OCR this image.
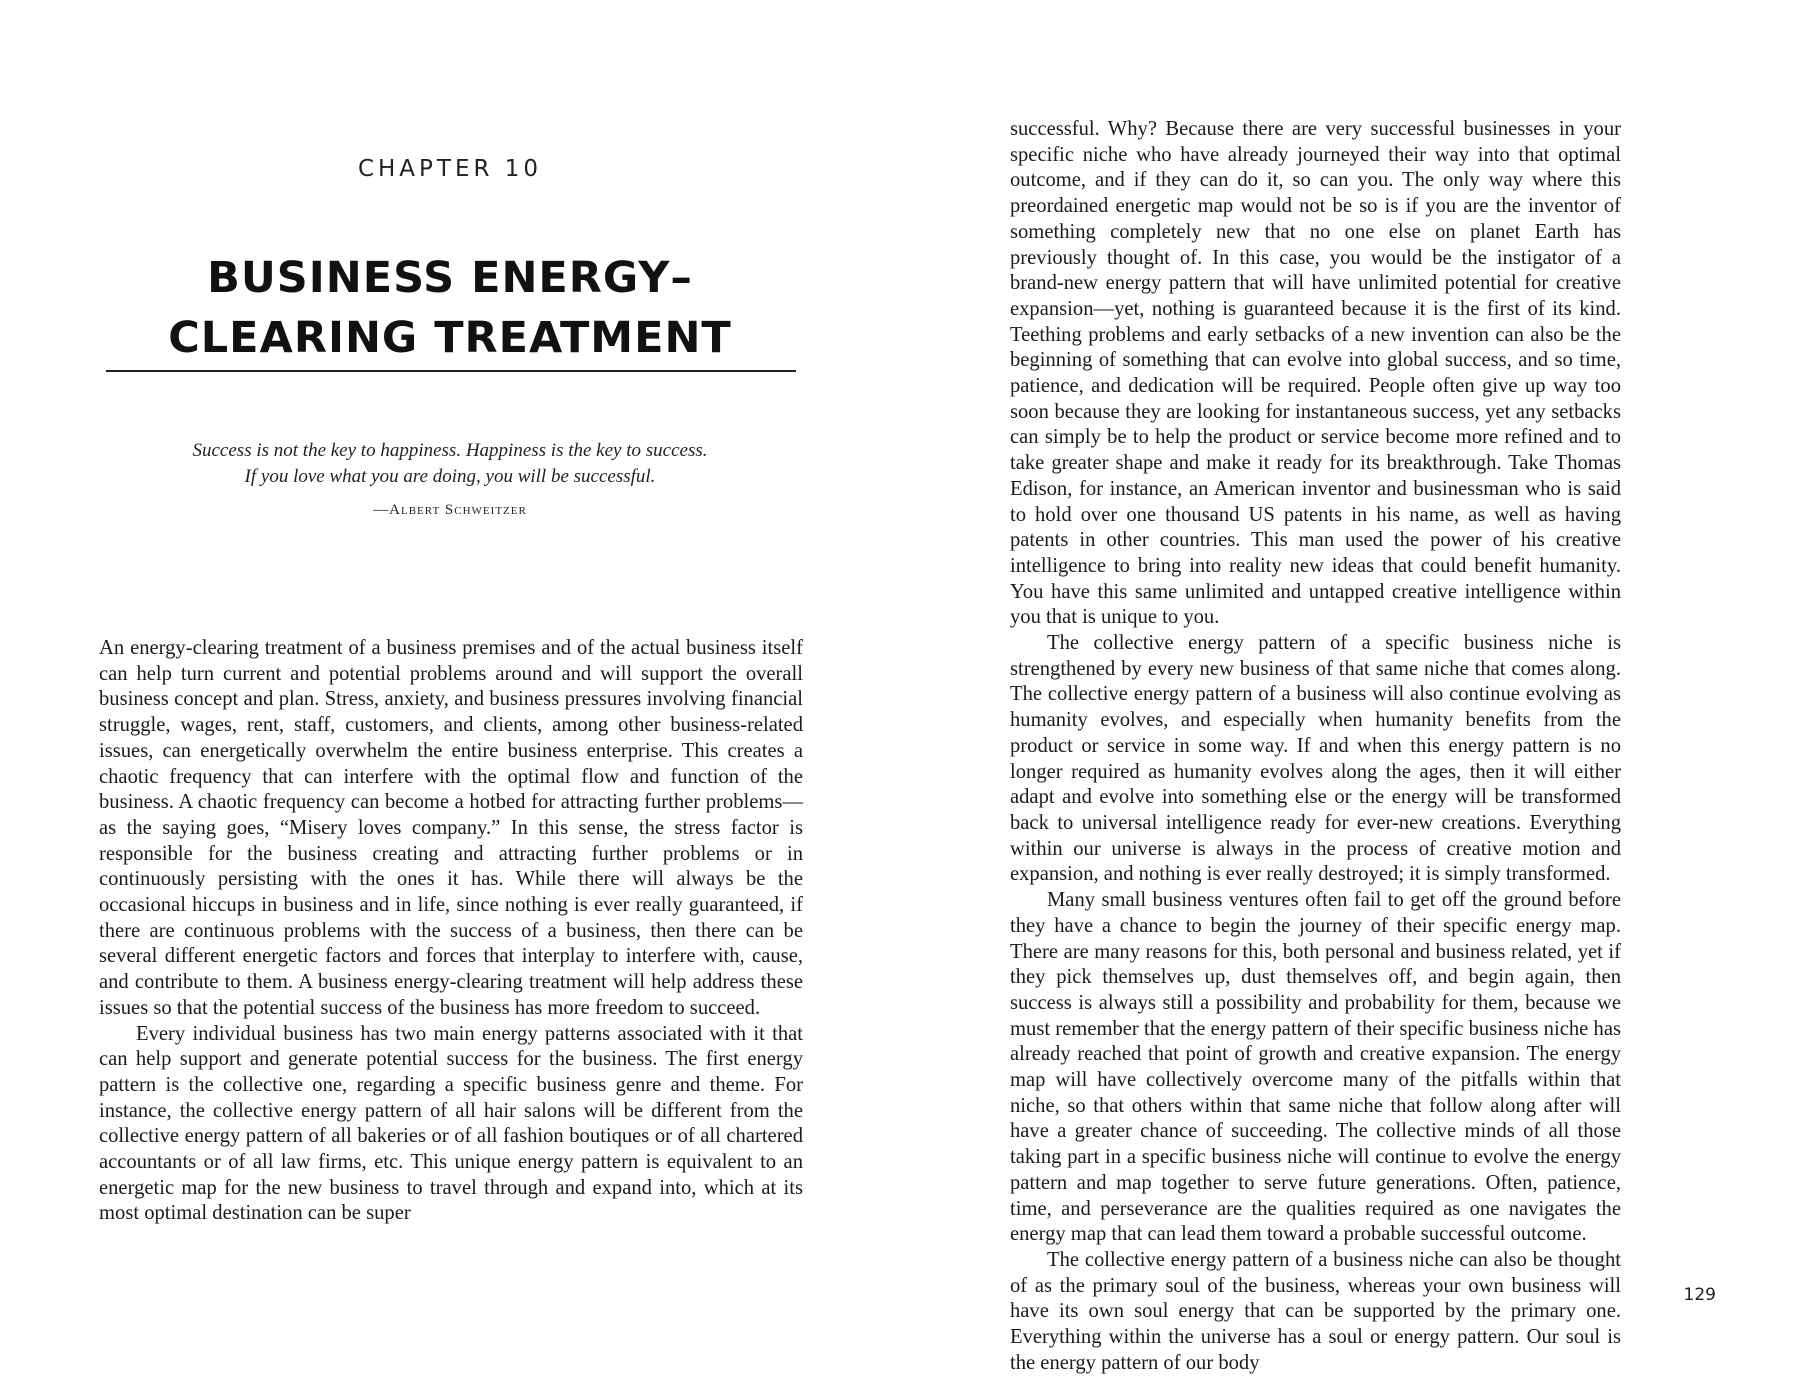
CHAPTER 10
BUSINESS ENERGY–
CLEARING TREATMENT
Success is not the key to happiness. Happiness is the key to success.
If you love what you are doing, you will be successful.
—Albert Schweitzer

An energy-clearing treatment of a business premises and of the actual business itself can help turn current and potential problems around and will support the overall business concept and plan. Stress, anxiety, and business pressures involving financial struggle, wages, rent, staff, customers, and clients, among other business-related issues, can energetically overwhelm the entire business enterprise. This creates a chaotic frequency that can interfere with the optimal flow and function of the business. A chaotic frequency can become a hotbed for attracting further problems—as the saying goes, “Misery loves company.” In this sense, the stress factor is responsible for the business creating and attracting further problems or in continuously persisting with the ones it has. While there will always be the occasional hiccups in business and in life, since nothing is ever really guaranteed, if there are continuous problems with the success of a business, then there can be several different energetic factors and forces that interplay to interfere with, cause, and contribute to them. A business energy-clearing treatment will help address these issues so that the potential success of the business has more freedom to succeed.

Every individual business has two main energy patterns associated with it that can help support and generate potential success for the business. The first energy pattern is the collective one, regarding a specific business genre and theme. For instance, the collective energy pattern of all hair salons will be different from the collective energy pattern of all bakeries or of all fashion boutiques or of all chartered accountants or of all law firms, etc. This unique energy pattern is equivalent to an energetic map for the new business to travel through and expand into, which at its most optimal destination can be super

successful. Why? Because there are very successful businesses in your specific niche who have already journeyed their way into that optimal outcome, and if they can do it, so can you. The only way where this preordained energetic map would not be so is if you are the inventor of something completely new that no one else on planet Earth has previously thought of. In this case, you would be the instigator of a brand-new energy pattern that will have unlimited potential for creative expansion—yet, nothing is guaranteed because it is the first of its kind. Teething problems and early setbacks of a new invention can also be the beginning of something that can evolve into global success, and so time, patience, and dedication will be required. People often give up way too soon because they are looking for instantaneous success, yet any setbacks can simply be to help the product or service become more refined and to take greater shape and make it ready for its breakthrough. Take Thomas Edison, for instance, an American inventor and businessman who is said to hold over one thousand US patents in his name, as well as having patents in other countries. This man used the power of his creative intelligence to bring into reality new ideas that could benefit humanity. You have this same unlimited and untapped creative intelligence within you that is unique to you.

The collective energy pattern of a specific business niche is strengthened by every new business of that same niche that comes along. The collective energy pattern of a business will also continue evolving as humanity evolves, and especially when humanity benefits from the product or service in some way. If and when this energy pattern is no longer required as humanity evolves along the ages, then it will either adapt and evolve into something else or the energy will be transformed back to universal intelligence ready for ever-new creations. Everything within our universe is always in the process of creative motion and expansion, and nothing is ever really destroyed; it is simply transformed.

Many small business ventures often fail to get off the ground before they have a chance to begin the journey of their specific energy map. There are many reasons for this, both personal and business related, yet if they pick themselves up, dust themselves off, and begin again, then success is always still a possibility and probability for them, because we must remember that the energy pattern of their specific business niche has already reached that point of growth and creative expansion. The energy map will have collectively overcome many of the pitfalls within that niche, so that others within that same niche that follow along after will have a greater chance of succeeding. The collective minds of all those taking part in a specific business niche will continue to evolve the energy pattern and map together to serve future generations. Often, patience, time, and perseverance are the qualities required as one navigates the energy map that can lead them toward a probable successful outcome.

The collective energy pattern of a business niche can also be thought of as the primary soul of the business, whereas your own business will have its own soul energy that can be supported by the primary one. Everything within the universe has a soul or energy pattern. Our soul is the energy pattern of our body

129
